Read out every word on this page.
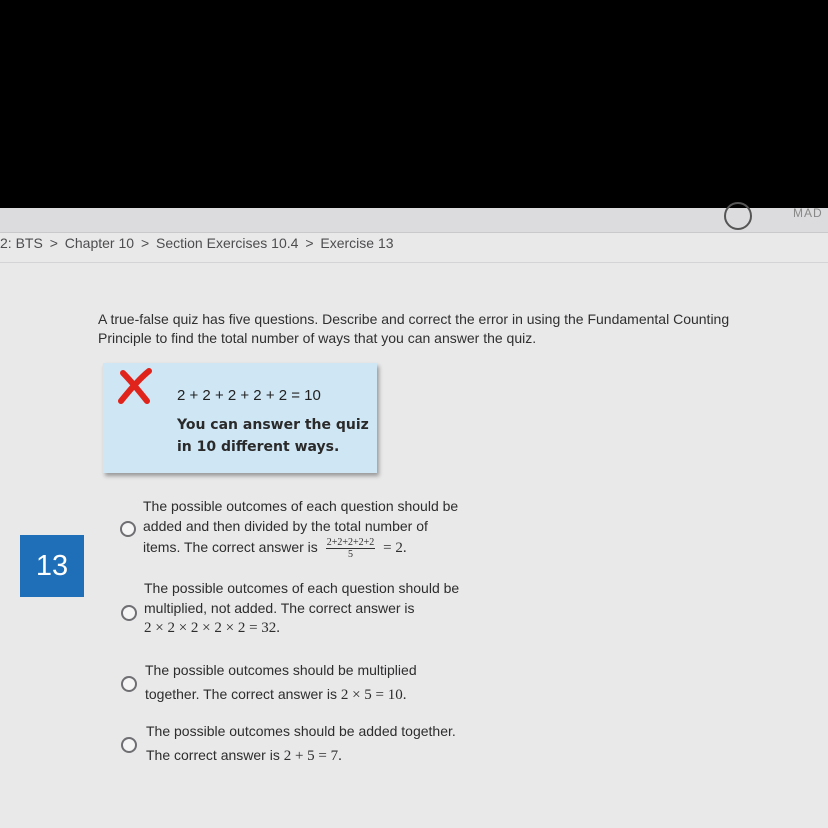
MAD
2: BTS > Chapter 10 > Section Exercises 10.4 > Exercise 13
A true-false quiz has five questions. Describe and correct the error in using the Fundamental Counting
Principle to find the total number of ways that you can answer the quiz.
2 + 2 + 2 + 2 + 2 = 10
You can answer the quiz
in 10 different ways.
13
The possible outcomes of each question should be
added and then divided by the total number of
items. The correct answer is $\frac{2+2+2+2+2}{5} = 2$.
The possible outcomes of each question should be
multiplied, not added. The correct answer is
2 × 2 × 2 × 2 × 2 = 32.
The possible outcomes should be multiplied
together. The correct answer is 2 × 5 = 10.
The possible outcomes should be added together.
The correct answer is 2 + 5 = 7.
